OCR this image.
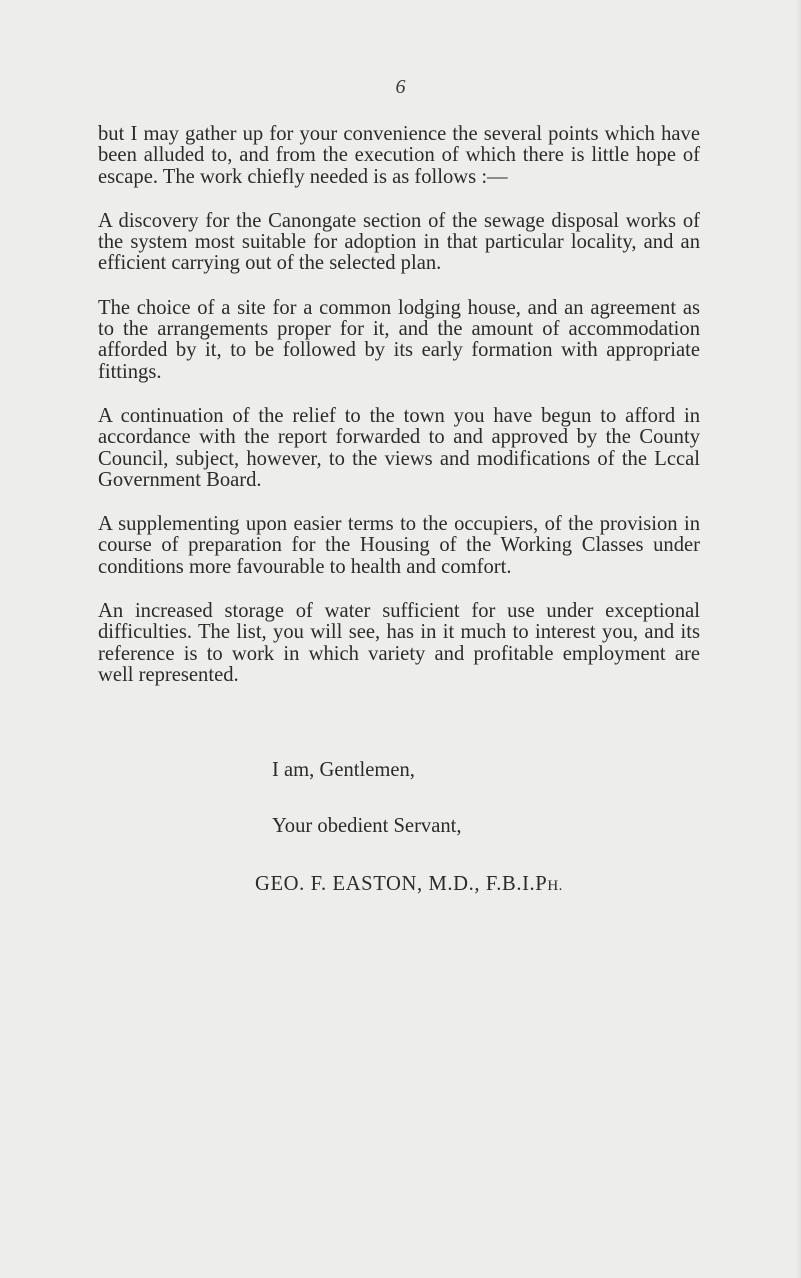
6

but I may gather up for your convenience the several points which have been alluded to, and from the execution of which there is little hope of escape. The work chiefly needed is as follows :—

A discovery for the Canongate section of the sewage disposal works of the system most suitable for adoption in that particular locality, and an efficient carrying out of the selected plan.

The choice of a site for a common lodging house, and an agreement as to the arrangements proper for it, and the amount of accommodation afforded by it, to be followed by its early formation with appropriate fittings.

A continuation of the relief to the town you have begun to afford in accordance with the report forwarded to and approved by the County Council, subject, however, to the views and modifications of the Lccal Government Board.

A supplementing upon easier terms to the occupiers, of the provision in course of preparation for the Housing of the Working Classes under conditions more favourable to health and comfort.

An increased storage of water sufficient for use under exceptional difficulties. The list, you will see, has in it much to interest you, and its reference is to work in which variety and profitable employment are well represented.

I am, Gentlemen,
Your obedient Servant,
GEO. F. EASTON, M.D., F.B.I.PH.
